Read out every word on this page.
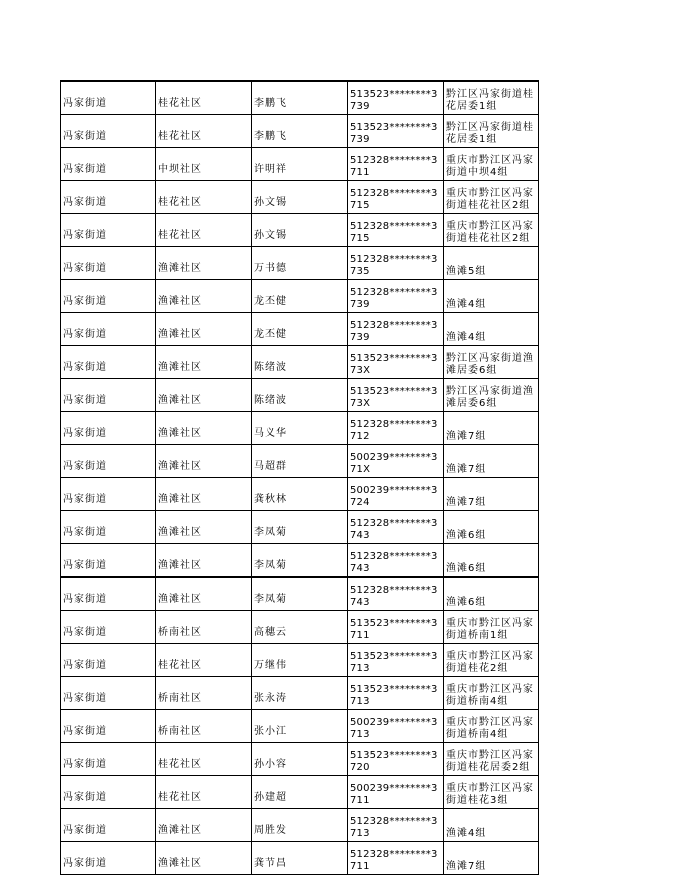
冯家街道	桂花社区	李鹏飞	513523********3739	黔江区冯家街道桂花居委1组
冯家街道	桂花社区	李鹏飞	513523********3739	黔江区冯家街道桂花居委1组
冯家街道	中坝社区	许明祥	512328********3711	重庆市黔江区冯家街道中坝4组
冯家街道	桂花社区	孙文锡	512328********3715	重庆市黔江区冯家街道桂花社区2组
冯家街道	桂花社区	孙文锡	512328********3715	重庆市黔江区冯家街道桂花社区2组
冯家街道	渔滩社区	万书德	512328********3735	渔滩5组
冯家街道	渔滩社区	龙丕健	512328********3739	渔滩4组
冯家街道	渔滩社区	龙丕健	512328********3739	渔滩4组
冯家街道	渔滩社区	陈绪波	513523********373X	黔江区冯家街道渔滩居委6组
冯家街道	渔滩社区	陈绪波	513523********373X	黔江区冯家街道渔滩居委6组
冯家街道	渔滩社区	马义华	512328********3712	渔滩7组
冯家街道	渔滩社区	马超群	500239********371X	渔滩7组
冯家街道	渔滩社区	龚秋林	500239********3724	渔滩7组
冯家街道	渔滩社区	李凤菊	512328********3743	渔滩6组
冯家街道	渔滩社区	李凤菊	512328********3743	渔滩6组
冯家街道	渔滩社区	李凤菊	512328********3743	渔滩6组
冯家街道	桥南社区	高穗云	513523********3711	重庆市黔江区冯家街道桥南1组
冯家街道	桂花社区	万继伟	513523********3713	重庆市黔江区冯家街道桂花2组
冯家街道	桥南社区	张永涛	513523********3713	重庆市黔江区冯家街道桥南4组
冯家街道	桥南社区	张小江	500239********3713	重庆市黔江区冯家街道桥南4组
冯家街道	桂花社区	孙小容	513523********3720	重庆市黔江区冯家街道桂花居委2组
冯家街道	桂花社区	孙建超	500239********3711	重庆市黔江区冯家街道桂花3组
冯家街道	渔滩社区	周胜发	512328********3713	渔滩4组
冯家街道	渔滩社区	龚节昌	512328********3711	渔滩7组
